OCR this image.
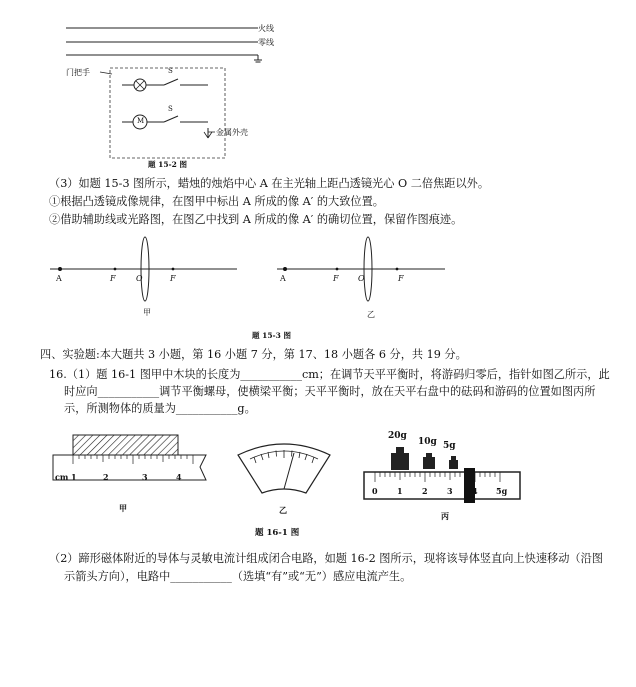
火线
零线
门把手	S
M
S
金属外壳
题 15-2 图
（3）如题 15-3 图所示，蜡烛的烛焰中心 A 在主光轴上距凸透镜光心 O 二倍焦距以外。
①根据凸透镜成像规律，在图甲中标出 A 所成的像 A′ 的大致位置。
②借助辅助线或光路图，在图乙中找到 A 所成的像 A′ 的确切位置，保留作图痕迹。
A	F	O	F
甲
A	F O	F
乙
题 15-3 图
四、实验题:本大题共 3 小题，第 16 小题 7 分，第 17、18 小题各 6 分，共 19 分。
16.（1）题 16-1 图甲中木块的长度为___________cm；在调节天平平衡时，将游码归零后，指针如图乙所示，此
时应向___________调节平衡螺母，使横梁平衡；天平平衡时，放在天平右盘中的砝码和游码的位置如图丙所
示，所测物体的质量为___________g。
cm 1	2	3	4
甲	乙
20g
10g 5g
0 1 2 3 4 5g
丙
题 16-1 图
（2）蹄形磁体附近的导体与灵敏电流计组成闭合电路，如题 16-2 图所示，现将该导体竖直向上快速移动（沿图
示箭头方向），电路中___________（选填“有”或“无”）感应电流产生。
